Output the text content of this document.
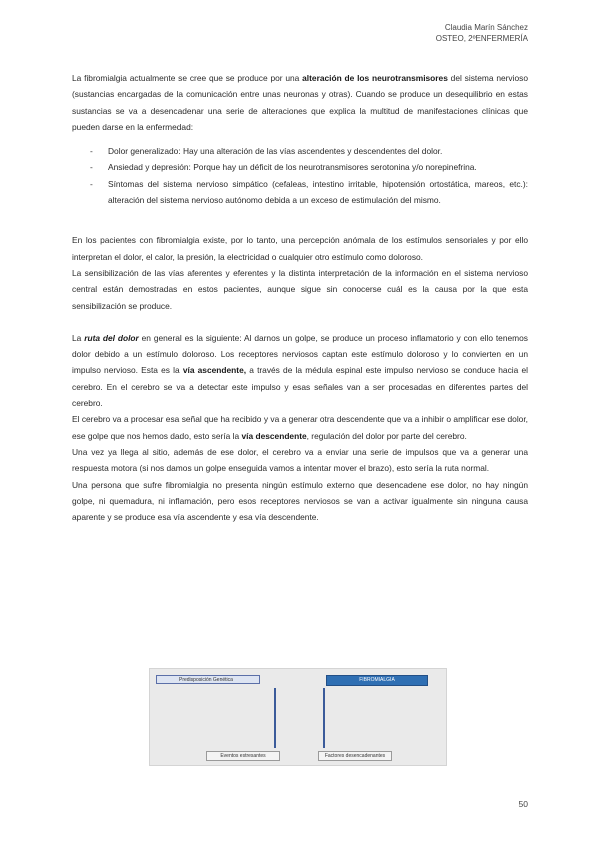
Claudia Marín Sánchez
OSTEO, 2ºENFERMERÍA

La fibromialgia actualmente se cree que se produce por una alteración de los neurotransmisores del sistema nervioso (sustancias encargadas de la comunicación entre unas neuronas y otras). Cuando se produce un desequilibrio en estas sustancias se va a desencadenar una serie de alteraciones que explica la multitud de manifestaciones clínicas que pueden darse en la enfermedad:

- Dolor generalizado: Hay una alteración de las vías ascendentes y descendentes del dolor.
- Ansiedad y depresión: Porque hay un déficit de los neurotransmisores serotonina y/o norepinefrina.
- Síntomas del sistema nervioso simpático (cefaleas, intestino irritable, hipotensión ortostática, mareos, etc.): alteración del sistema nervioso autónomo debida a un exceso de estimulación del mismo.

En los pacientes con fibromialgia existe, por lo tanto, una percepción anómala de los estímulos sensoriales y por ello interpretan el dolor, el calor, la presión, la electricidad o cualquier otro estímulo como doloroso.

La sensibilización de las vías aferentes y eferentes y la distinta interpretación de la información en el sistema nervioso central están demostradas en estos pacientes, aunque sigue sin conocerse cuál es la causa por la que esta sensibilización se produce.

La ruta del dolor en general es la siguiente: Al darnos un golpe, se produce un proceso inflamatorio y con ello tenemos dolor debido a un estímulo doloroso. Los receptores nerviosos captan este estímulo doloroso y lo convierten en un impulso nervioso. Esta es la vía ascendente, a través de la médula espinal este impulso nervioso se conduce hacia el cerebro. En el cerebro se va a detectar este impulso y esas señales van a ser procesadas en diferentes partes del cerebro.

El cerebro va a procesar esa señal que ha recibido y va a generar otra descendente que va a inhibir o amplificar ese dolor, ese golpe que nos hemos dado, esto sería la vía descendente, regulación del dolor por parte del cerebro.

Una vez ya llega al sitio, además de ese dolor, el cerebro va a enviar una serie de impulsos que va a generar una respuesta motora (si nos damos un golpe enseguida vamos a intentar mover el brazo), esto sería la ruta normal.

Una persona que sufre fibromialgia no presenta ningún estímulo externo que desencadene ese dolor, no hay ningún golpe, ni quemadura, ni inflamación, pero esos receptores nerviosos se van a activar igualmente sin ninguna causa aparente y se produce esa vía ascendente y esa vía descendente.

Predisposición Genética	FIBROMIALGIA
Eventos estresantes	Factores desencadenantes
50
